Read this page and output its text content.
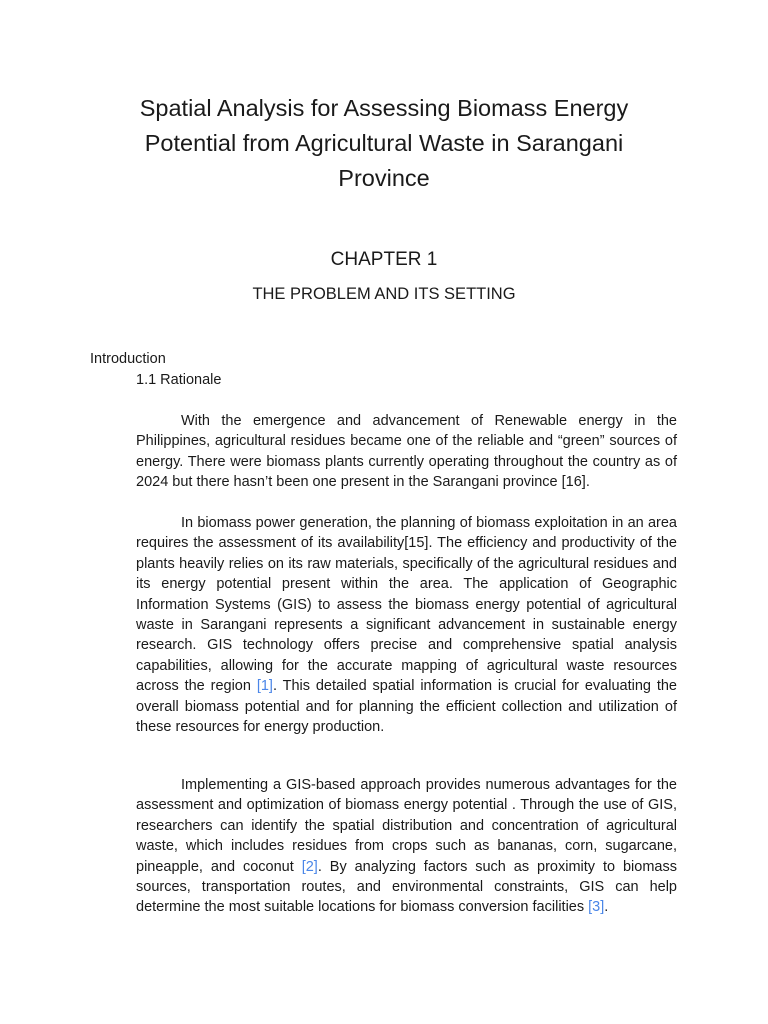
Spatial Analysis for Assessing Biomass Energy Potential from Agricultural Waste in Sarangani Province
CHAPTER 1
THE PROBLEM AND ITS SETTING
Introduction
1.1 Rationale

With the emergence and advancement of Renewable energy in the Philippines, agricultural residues became one of the reliable and “green” sources of energy. There were biomass plants currently operating throughout the country as of 2024 but there hasn’t been one present in the Sarangani province [16].

In biomass power generation, the planning of biomass exploitation in an area requires the assessment of its availability[15]. The efficiency and productivity of the plants heavily relies on its raw materials, specifically of the agricultural residues and its energy potential present within the area. The application of Geographic Information Systems (GIS) to assess the biomass energy potential of agricultural waste in Sarangani represents a significant advancement in sustainable energy research. GIS technology offers precise and comprehensive spatial analysis capabilities, allowing for the accurate mapping of agricultural waste resources across the region [1]. This detailed spatial information is crucial for evaluating the overall biomass potential and for planning the efficient collection and utilization of these resources for energy production.

Implementing a GIS-based approach provides numerous advantages for the assessment and optimization of biomass energy potential . Through the use of GIS, researchers can identify the spatial distribution and concentration of agricultural waste, which includes residues from crops such as bananas, corn, sugarcane, pineapple, and coconut [2]. By analyzing factors such as proximity to biomass sources, transportation routes, and environmental constraints, GIS can help determine the most suitable locations for biomass conversion facilities [3].
